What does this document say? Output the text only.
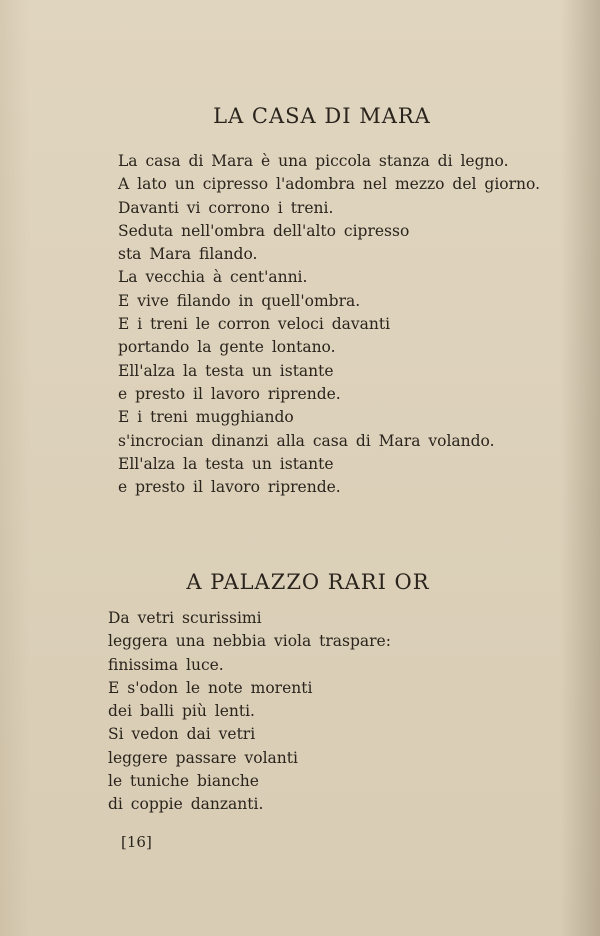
LA CASA DI MARA
La casa di Mara è una piccola stanza di legno.
A lato un cipresso l'adombra nel mezzo del giorno.
Davanti vi corrono i treni.
Seduta nell'ombra dell'alto cipresso
sta Mara filando.
La vecchia à cent'anni.
E vive filando in quell'ombra.
E i treni le corron veloci davanti
portando la gente lontano.
Ell'alza la testa un istante
e presto il lavoro riprende.
E i treni mugghiando
s'incrocian dinanzi alla casa di Mara volando.
Ell'alza la testa un istante
e presto il lavoro riprende.
A PALAZZO RARI OR
Da vetri scurissimi
leggera una nebbia viola traspare:
finissima luce.
E s'odon le note morenti
dei balli più lenti.
Si vedon dai vetri
leggere passare volanti
le tuniche bianche
di coppie danzanti.
[16]
